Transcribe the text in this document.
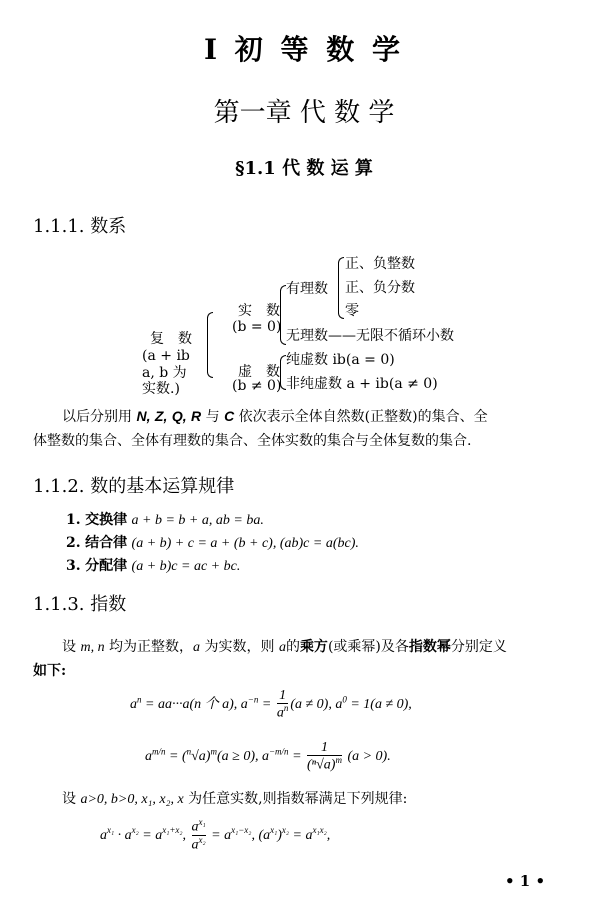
I 初 等 数 学
第一章 代 数 学
§1.1 代 数 运 算
1.1.1. 数系
复　数
(a + ib
a, b 为
实数.)
实　数
(b = 0)
虚　数
(b ≠ 0)
有理数
正、负整数
正、负分数
零
无理数——无限不循环小数
纯虚数 ib(a = 0)
非纯虚数 a + ib(a ≠ 0)
以后分别用 N, Z, Q, R 与 C 依次表示全体自然数(正整数)的集合、全
体整数的集合、全体有理数的集合、全体实数的集合与全体复数的集合.
1.1.2. 数的基本运算规律
1. 交换律 a + b = b + a, ab = ba.
2. 结合律 (a + b) + c = a + (b + c), (ab)c = a(bc).
3. 分配律 (a + b)c = ac + bc.
1.1.3. 指数
设 m, n 均为正整数，a 为实数，则 a的乘方(或乘幂)及各指数幂分别定义
如下:
$a^n = aa\cdot\cdot\cdot a(n$ 个 a), $a^{-n} = \frac{1}{a^n} (a \ne 0)$, $a^0 = 1(a \ne 0)$,
$a^{m/n} = (^n√a)^m(a \ge 0)$, $a^{-m/n} = \frac{1}{(^n√a)^m} (a > 0)$.
设 a>0, b>0, x₁, x₂, x 为任意实数,则指数幂满足下列规律:
$a^{x_1} \cdot a^{x_2} = a^{x_1+x_2}$, $\frac{a^{x_1}}{a^{x_2}} = a^{x_1-x_2}$, $(a^{x_1})^{x_2} = a^{x_1x_2}$,
• 1 •
